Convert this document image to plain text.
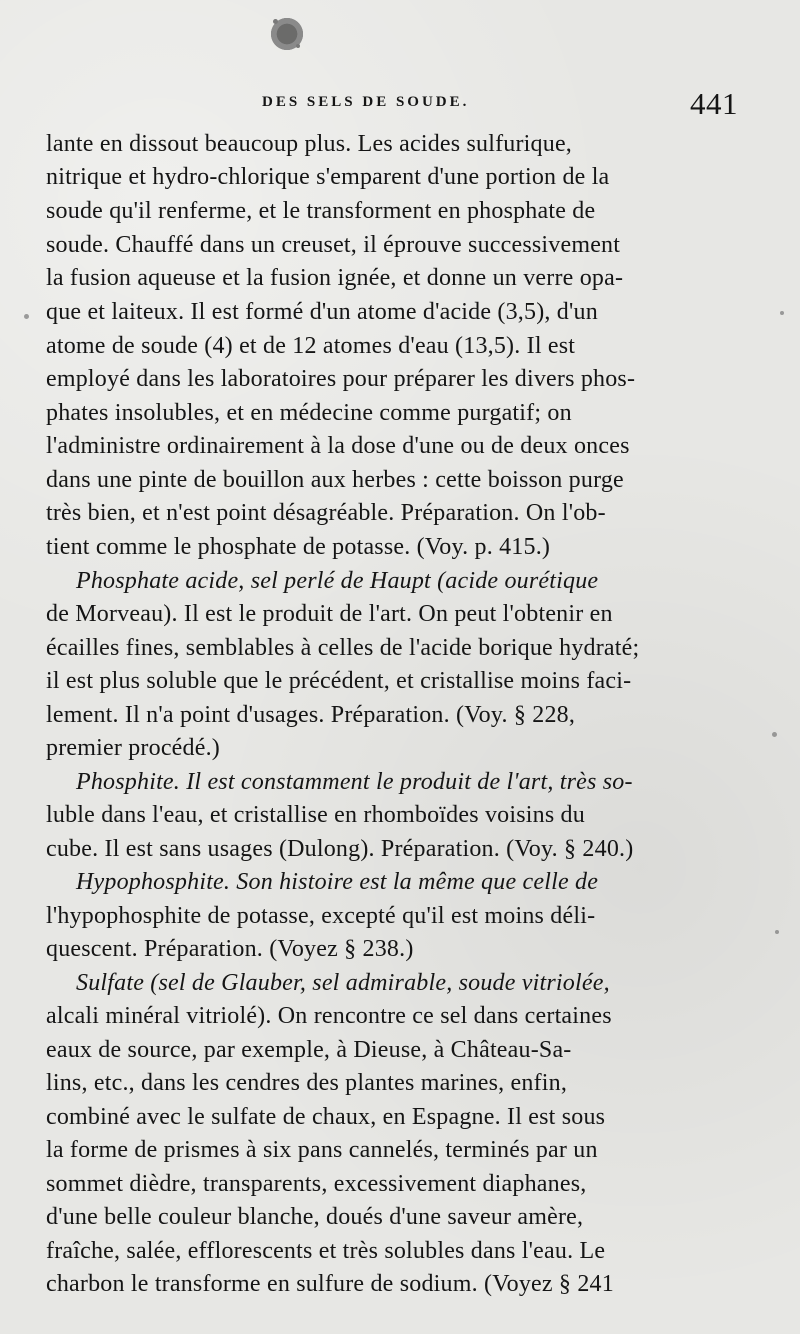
DES SELS DE SOUDE.	441
lante en dissout beaucoup plus. Les acides sulfurique,
nitrique et hydro-chlorique s'emparent d'une portion de la
soude qu'il renferme, et le transforment en phosphate de
soude. Chauffé dans un creuset, il éprouve successivement
la fusion aqueuse et la fusion ignée, et donne un verre opa-
que et laiteux. Il est formé d'un atome d'acide (3,5), d'un
atome de soude (4) et de 12 atomes d'eau (13,5). Il est
employé dans les laboratoires pour préparer les divers phos-
phates insolubles, et en médecine comme purgatif; on
l'administre ordinairement à la dose d'une ou de deux onces
dans une pinte de bouillon aux herbes : cette boisson purge
très bien, et n'est point désagréable. Préparation. On l'ob-
tient comme le phosphate de potasse. (Voy. p. 415.)
Phosphate acide, sel perlé de Haupt (acide ourétique
de Morveau). Il est le produit de l'art. On peut l'obtenir en
écailles fines, semblables à celles de l'acide borique hydraté;
il est plus soluble que le précédent, et cristallise moins faci-
lement. Il n'a point d'usages. Préparation. (Voy. § 228,
premier procédé.)
Phosphite. Il est constamment le produit de l'art, très so-
luble dans l'eau, et cristallise en rhomboïdes voisins du
cube. Il est sans usages (Dulong). Préparation. (Voy. § 240.)
Hypophosphite. Son histoire est la même que celle de
l'hypophosphite de potasse, excepté qu'il est moins déli-
quescent. Préparation. (Voyez § 238.)
Sulfate (sel de Glauber, sel admirable, soude vitriolée,
alcali minéral vitriolé). On rencontre ce sel dans certaines
eaux de source, par exemple, à Dieuse, à Château-Sa-
lins, etc., dans les cendres des plantes marines, enfin,
combiné avec le sulfate de chaux, en Espagne. Il est sous
la forme de prismes à six pans cannelés, terminés par un
sommet dièdre, transparents, excessivement diaphanes,
d'une belle couleur blanche, doués d'une saveur amère,
fraîche, salée, efflorescents et très solubles dans l'eau. Le
charbon le transforme en sulfure de sodium. (Voyez § 241
